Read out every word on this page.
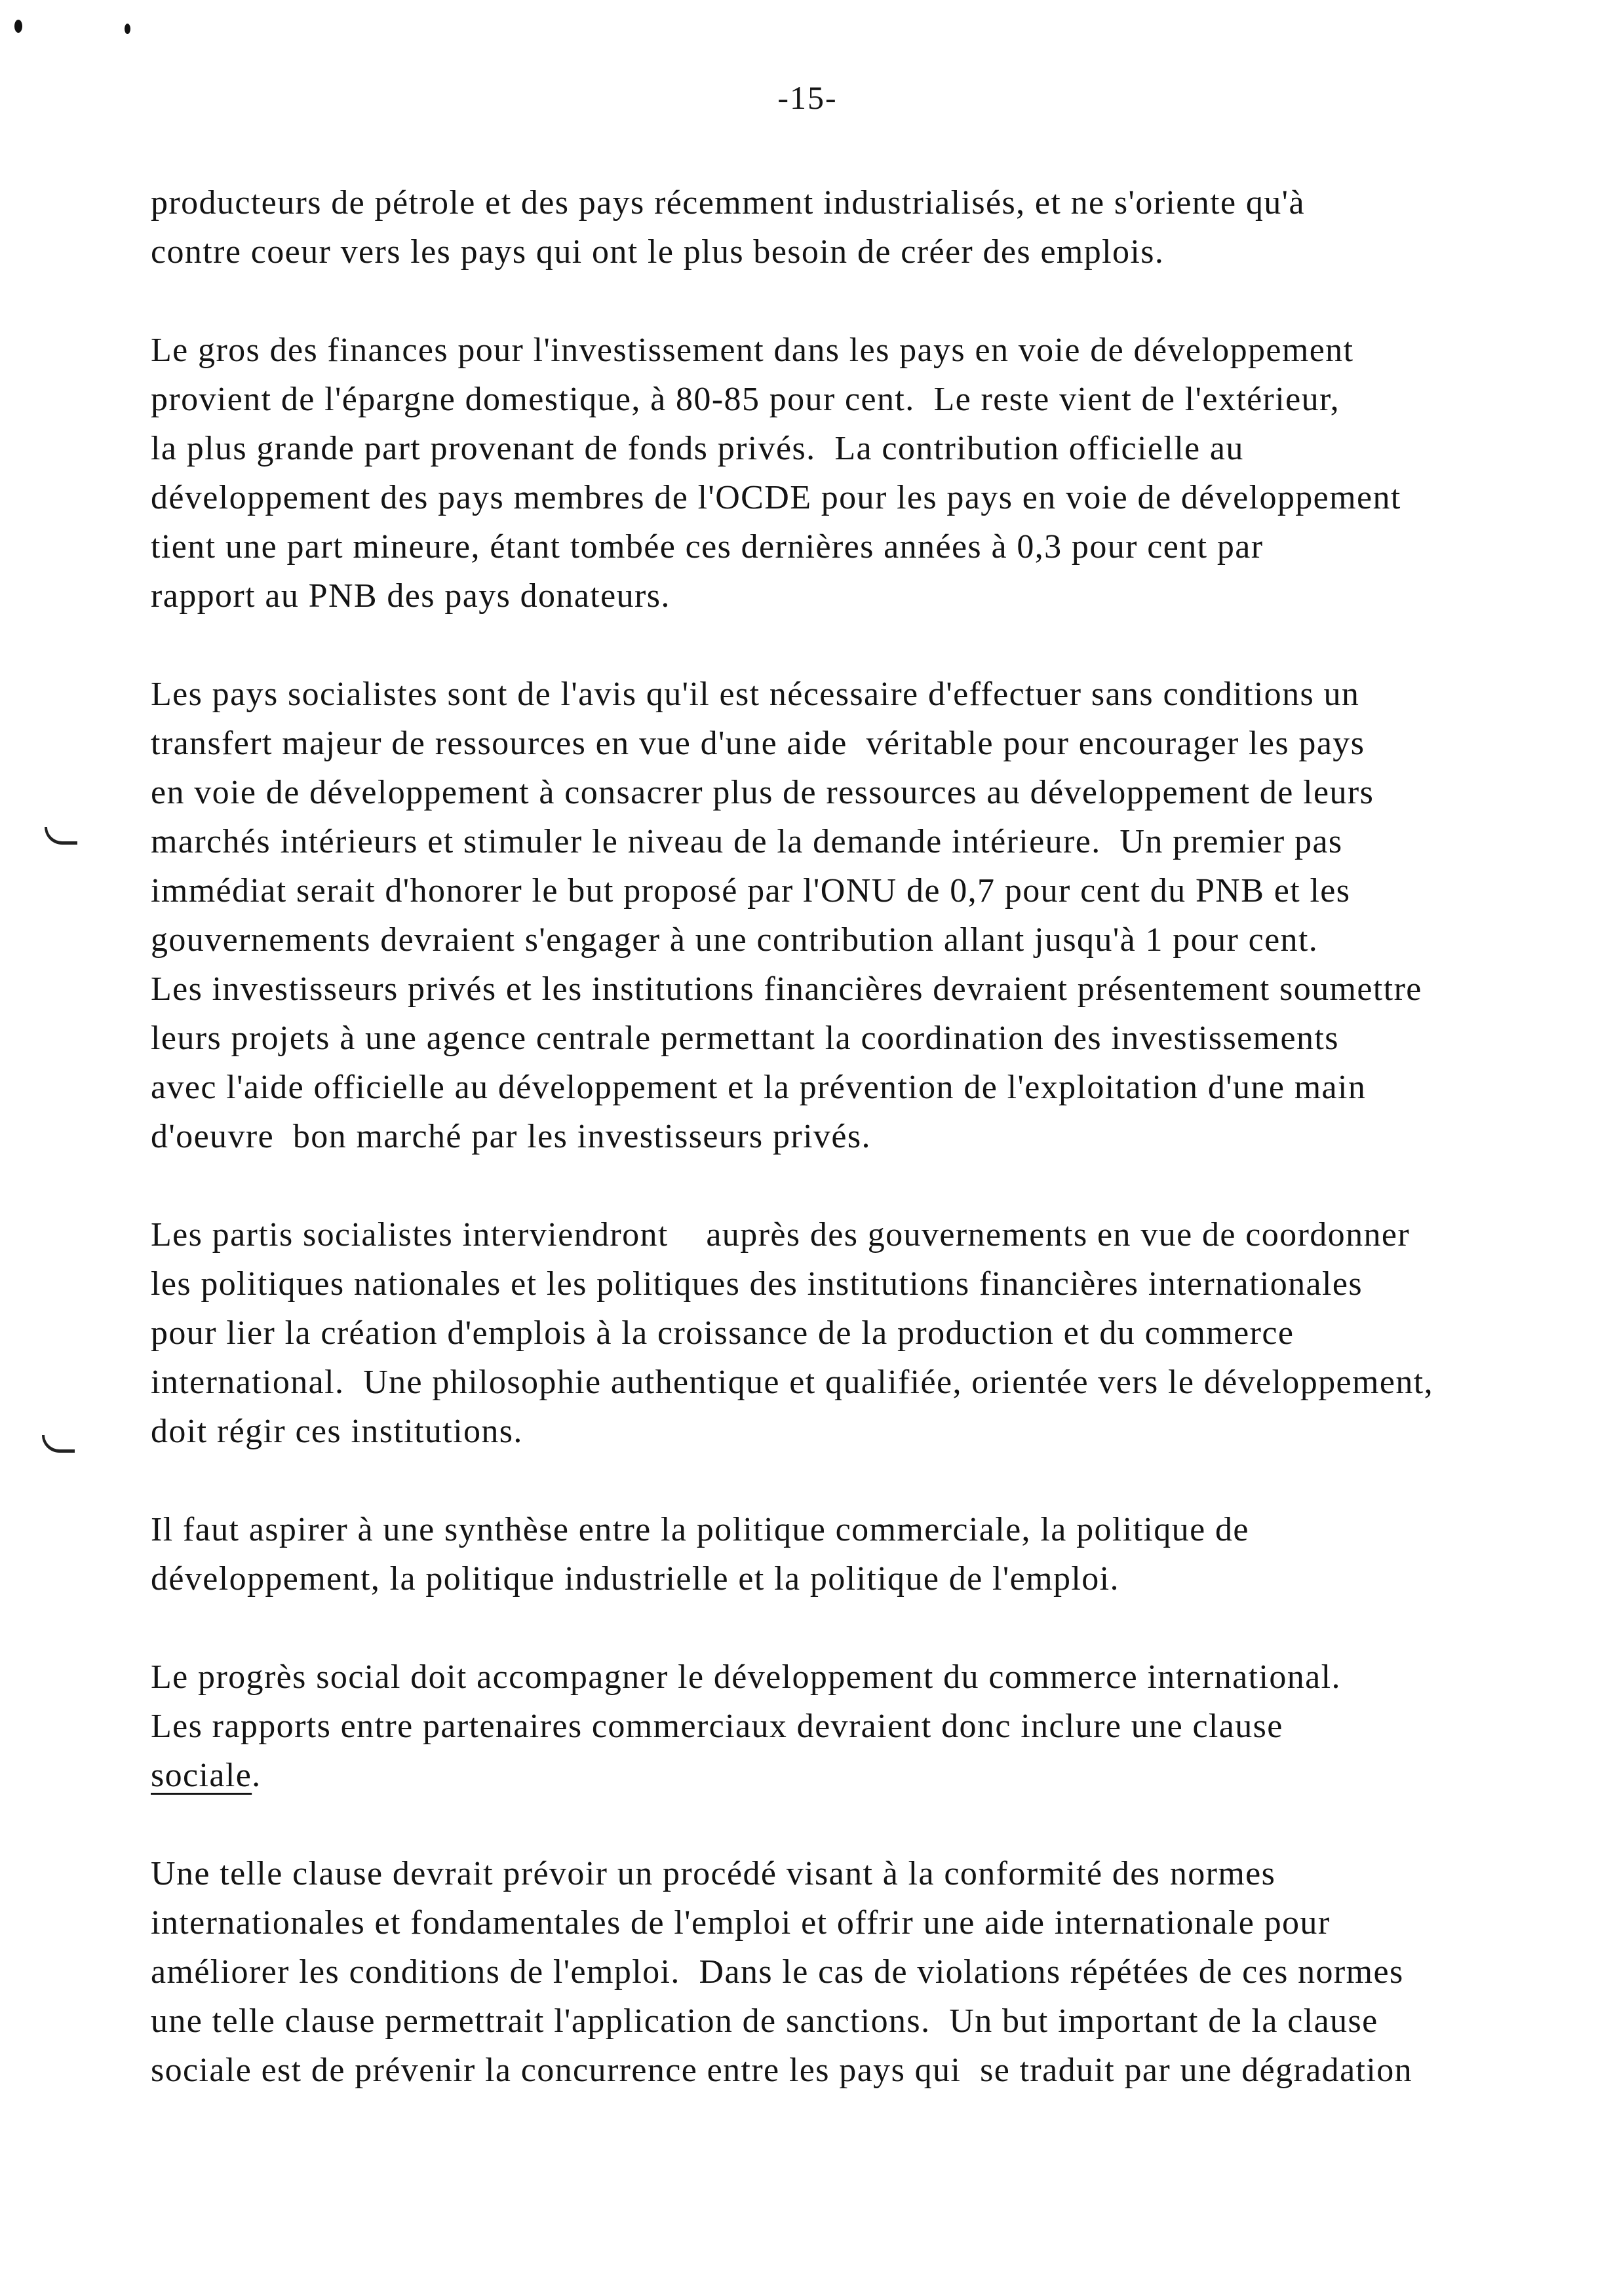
-15-
producteurs de pétrole et des pays récemment industrialisés, et ne s'oriente qu'à
contre coeur vers les pays qui ont le plus besoin de créer des emplois.
Le gros des finances pour l'investissement dans les pays en voie de développement
provient de l'épargne domestique, à 80-85 pour cent.  Le reste vient de l'extérieur,
la plus grande part provenant de fonds privés.  La contribution officielle au
développement des pays membres de l'OCDE pour les pays en voie de développement
tient une part mineure, étant tombée ces dernières années à 0,3 pour cent par
rapport au PNB des pays donateurs.
Les pays socialistes sont de l'avis qu'il est nécessaire d'effectuer sans conditions un
transfert majeur de ressources en vue d'une aide  véritable pour encourager les pays
en voie de développement à consacrer plus de ressources au développement de leurs
marchés intérieurs et stimuler le niveau de la demande intérieure.  Un premier pas
immédiat serait d'honorer le but proposé par l'ONU de 0,7 pour cent du PNB et les
gouvernements devraient s'engager à une contribution allant jusqu'à 1 pour cent.
Les investisseurs privés et les institutions financières devraient présentement soumettre
leurs projets à une agence centrale permettant la coordination des investissements
avec l'aide officielle au développement et la prévention de l'exploitation d'une main
d'oeuvre  bon marché par les investisseurs privés.
Les partis socialistes interviendront    auprès des gouvernements en vue de coordonner
les politiques nationales et les politiques des institutions financières internationales
pour lier la création d'emplois à la croissance de la production et du commerce
international.  Une philosophie authentique et qualifiée, orientée vers le développement,
doit régir ces institutions.
Il faut aspirer à une synthèse entre la politique commerciale, la politique de
développement, la politique industrielle et la politique de l'emploi.
Le progrès social doit accompagner le développement du commerce international.
Les rapports entre partenaires commerciaux devraient donc inclure une clause
sociale.
Une telle clause devrait prévoir un procédé visant à la conformité des normes
internationales et fondamentales de l'emploi et offrir une aide internationale pour
améliorer les conditions de l'emploi.  Dans le cas de violations répétées de ces normes
une telle clause permettrait l'application de sanctions.  Un but important de la clause
sociale est de prévenir la concurrence entre les pays qui  se traduit par une dégradation
